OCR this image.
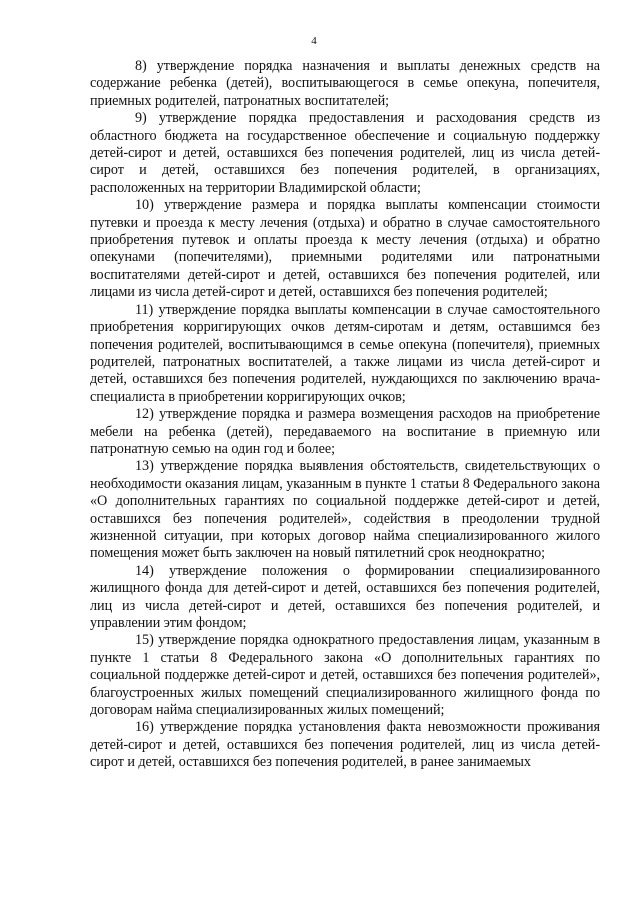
4

8) утверждение порядка назначения и выплаты денежных средств на содержание ребенка (детей), воспитывающегося в семье опекуна, попечителя, приемных родителей, патронатных воспитателей;

9) утверждение порядка предоставления и расходования средств из областного бюджета на государственное обеспечение и социальную поддержку детей-сирот и детей, оставшихся без попечения родителей, лиц из числа детей-сирот и детей, оставшихся без попечения родителей, в организациях, расположенных на территории Владимирской области;

10) утверждение размера и порядка выплаты компенсации стоимости путевки и проезда к месту лечения (отдыха) и обратно в случае самостоятельного приобретения путевок и оплаты проезда к месту лечения (отдыха) и обратно опекунами (попечителями), приемными родителями или патронатными воспитателями детей-сирот и детей, оставшихся без попечения родителей, или лицами из числа детей-сирот и детей, оставшихся без попечения родителей;

11) утверждение порядка выплаты компенсации в случае самостоятельного приобретения корригирующих очков детям-сиротам и детям, оставшимся без попечения родителей, воспитывающимся в семье опекуна (попечителя), приемных родителей, патронатных воспитателей, а также лицами из числа детей-сирот и детей, оставшихся без попечения родителей, нуждающихся по заключению врача-специалиста в приобретении корригирующих очков;

12) утверждение порядка и размера возмещения расходов на приобретение мебели на ребенка (детей), передаваемого на воспитание в приемную или патронатную семью на один год и более;

13) утверждение порядка выявления обстоятельств, свидетельствующих о необходимости оказания лицам, указанным в пункте 1 статьи 8 Федерального закона «О дополнительных гарантиях по социальной поддержке детей-сирот и детей, оставшихся без попечения родителей», содействия в преодолении трудной жизненной ситуации, при которых договор найма специализированного жилого помещения может быть заключен на новый пятилетний срок неоднократно;

14) утверждение положения о формировании специализированного жилищного фонда для детей-сирот и детей, оставшихся без попечения родителей, лиц из числа детей-сирот и детей, оставшихся без попечения родителей, и управлении этим фондом;

15) утверждение порядка однократного предоставления лицам, указанным в пункте 1 статьи 8 Федерального закона «О дополнительных гарантиях по социальной поддержке детей-сирот и детей, оставшихся без попечения родителей», благоустроенных жилых помещений специализированного жилищного фонда по договорам найма специализированных жилых помещений;

16) утверждение порядка установления факта невозможности проживания детей-сирот и детей, оставшихся без попечения родителей, лиц из числа детей-сирот и детей, оставшихся без попечения родителей, в ранее занимаемых
